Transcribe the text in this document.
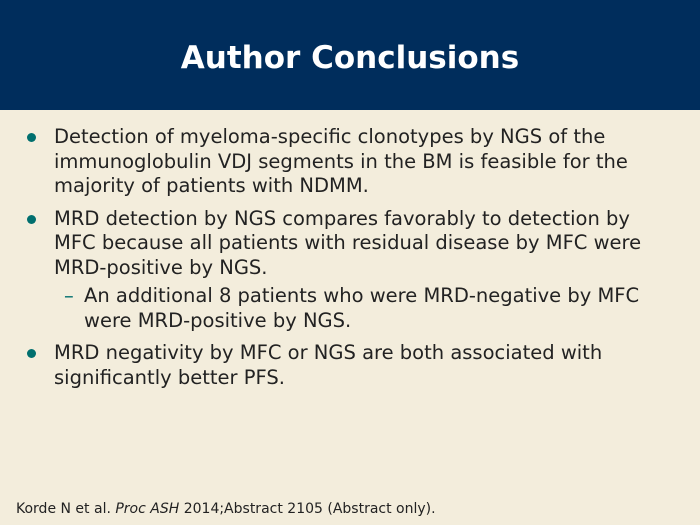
Author Conclusions
Detection of myeloma-specific clonotypes by NGS of the immunoglobulin VDJ segments in the BM is feasible for the majority of patients with NDMM.
MRD detection by NGS compares favorably to detection by MFC because all patients with residual disease by MFC were MRD-positive by NGS.
– An additional 8 patients who were MRD-negative by MFC were MRD-positive by NGS.
MRD negativity by MFC or NGS are both associated with significantly better PFS.
Korde N et al. Proc ASH 2014;Abstract 2105 (Abstract only).
